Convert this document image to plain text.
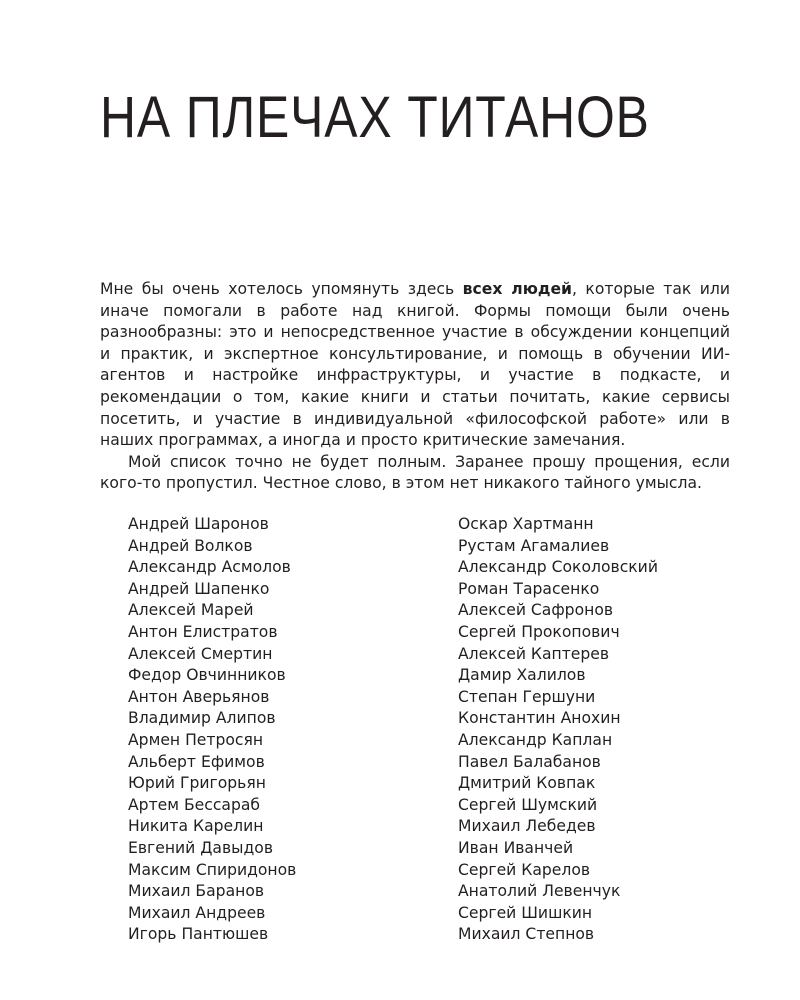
НА ПЛЕЧАХ ТИТАНОВ

Мне бы очень хотелось упомянуть здесь всех людей, которые так или иначе помогали в работе над книгой. Формы помощи были очень разнообразны: это и непосредственное участие в обсуждении концепций и практик, и экспертное консультирование, и помощь в обучении ИИ-агентов и настройке инфраструктуры, и участие в подкасте, и рекомендации о том, какие книги и статьи почитать, какие сервисы посетить, и участие в индивидуальной «философской работе» или в наших программах, а иногда и просто критические замечания.

Мой список точно не будет полным. Заранее прошу прощения, если кого-то пропустил. Честное слово, в этом нет никакого тайного умысла.

Андрей Шаронов
Андрей Волков
Александр Асмолов
Андрей Шапенко
Алексей Марей
Антон Елистратов
Алексей Смертин
Федор Овчинников
Антон Аверьянов
Владимир Алипов
Армен Петросян
Альберт Ефимов
Юрий Григорьян
Артем Бессараб
Никита Карелин
Евгений Давыдов
Максим Спиридонов
Михаил Баранов
Михаил Андреев
Игорь Пантюшев
Оскар Хартманн
Рустам Агамалиев
Александр Соколовский
Роман Тарасенко
Алексей Сафронов
Сергей Прокопович
Алексей Каптерев
Дамир Халилов
Степан Гершуни
Константин Анохин
Александр Каплан
Павел Балабанов
Дмитрий Ковпак
Сергей Шумский
Михаил Лебедев
Иван Иванчей
Сергей Карелов
Анатолий Левенчук
Сергей Шишкин
Михаил Степнов
